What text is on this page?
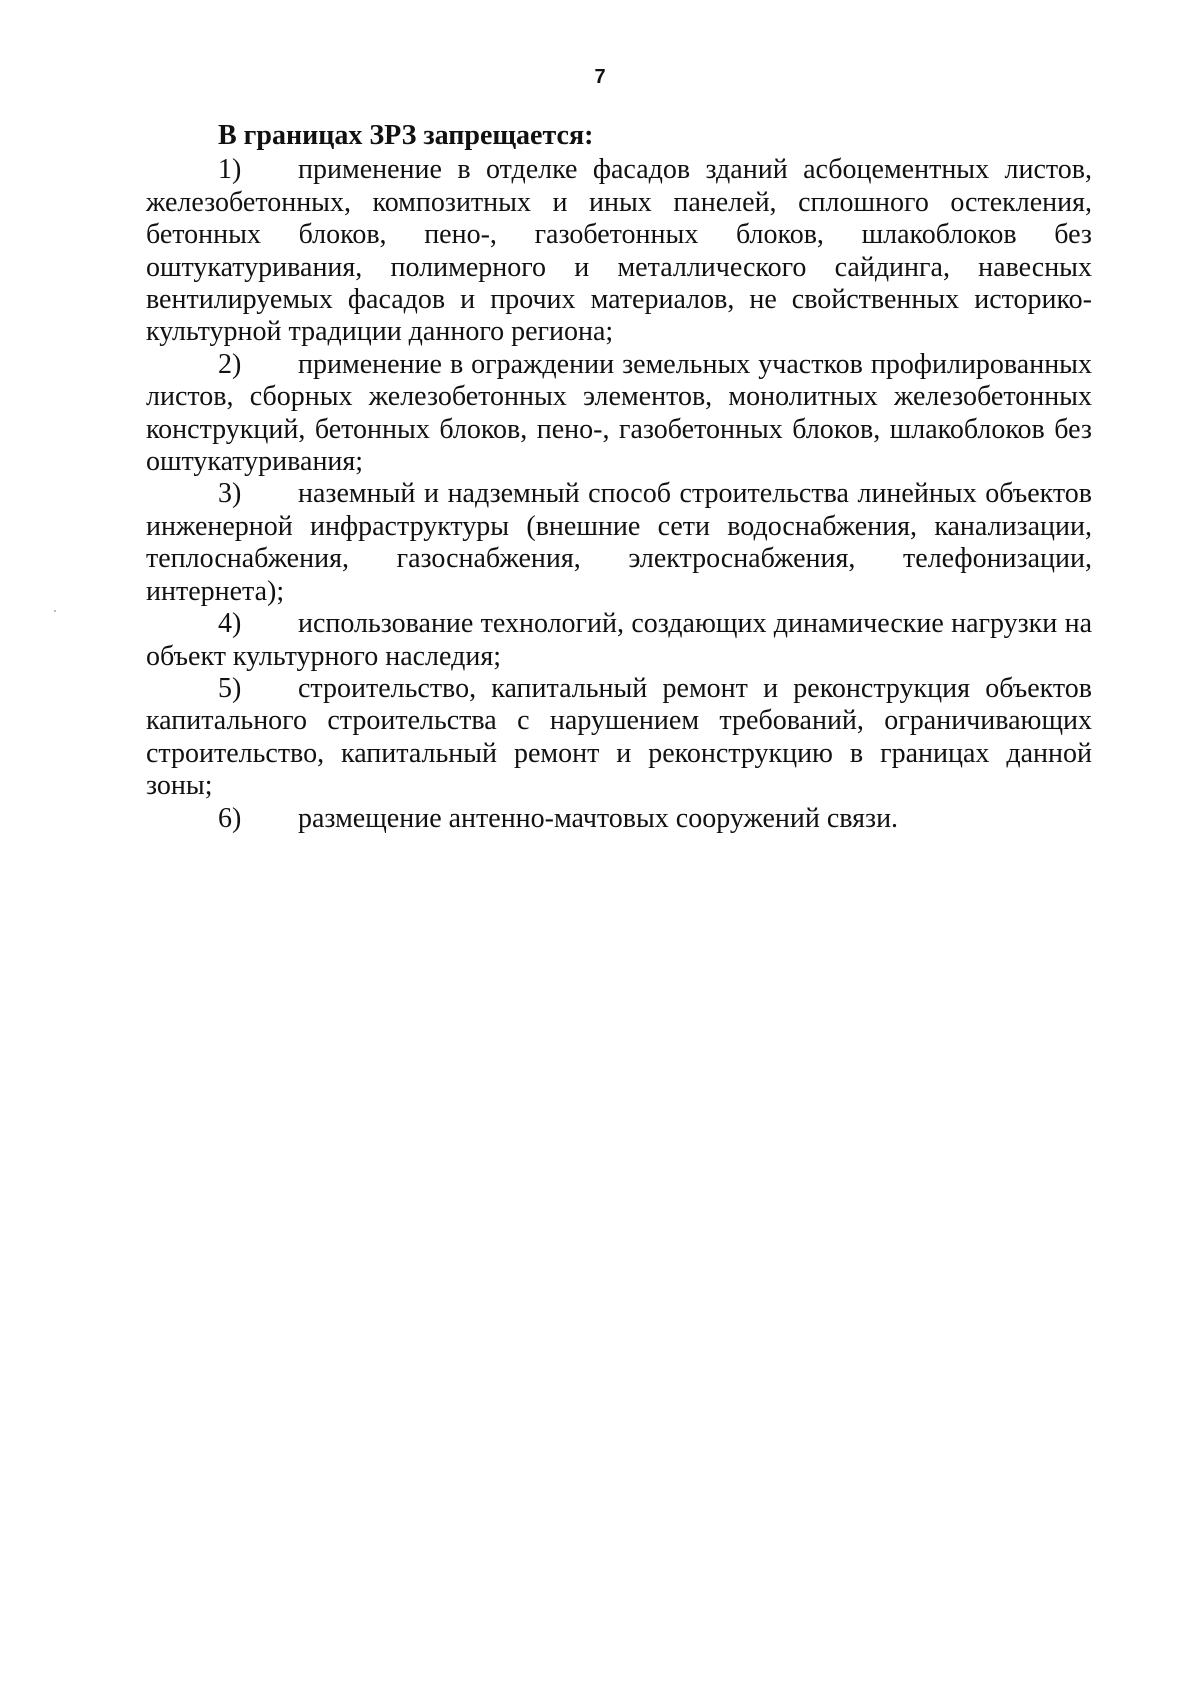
7

В границах ЗРЗ запрещается:

1) применение в отделке фасадов зданий асбоцементных листов, железобетонных, композитных и иных панелей, сплошного остекления, бетонных блоков, пено-, газобетонных блоков, шлакоблоков без оштукатуривания, полимерного и металлического сайдинга, навесных вентилируемых фасадов и прочих материалов, не свойственных историко-культурной традиции данного региона;

2) применение в ограждении земельных участков профилированных листов, сборных железобетонных элементов, монолитных железобетонных конструкций, бетонных блоков, пено-, газобетонных блоков, шлакоблоков без оштукатуривания;

3) наземный и надземный способ строительства линейных объектов инженерной инфраструктуры (внешние сети водоснабжения, канализации, теплоснабжения, газоснабжения, электроснабжения, телефонизации, интернета);

4) использование технологий, создающих динамические нагрузки на объект культурного наследия;

5) строительство, капитальный ремонт и реконструкция объектов капитального строительства с нарушением требований, ограничивающих строительство, капитальный ремонт и реконструкцию в границах данной зоны;

6) размещение антенно-мачтовых сооружений связи.
